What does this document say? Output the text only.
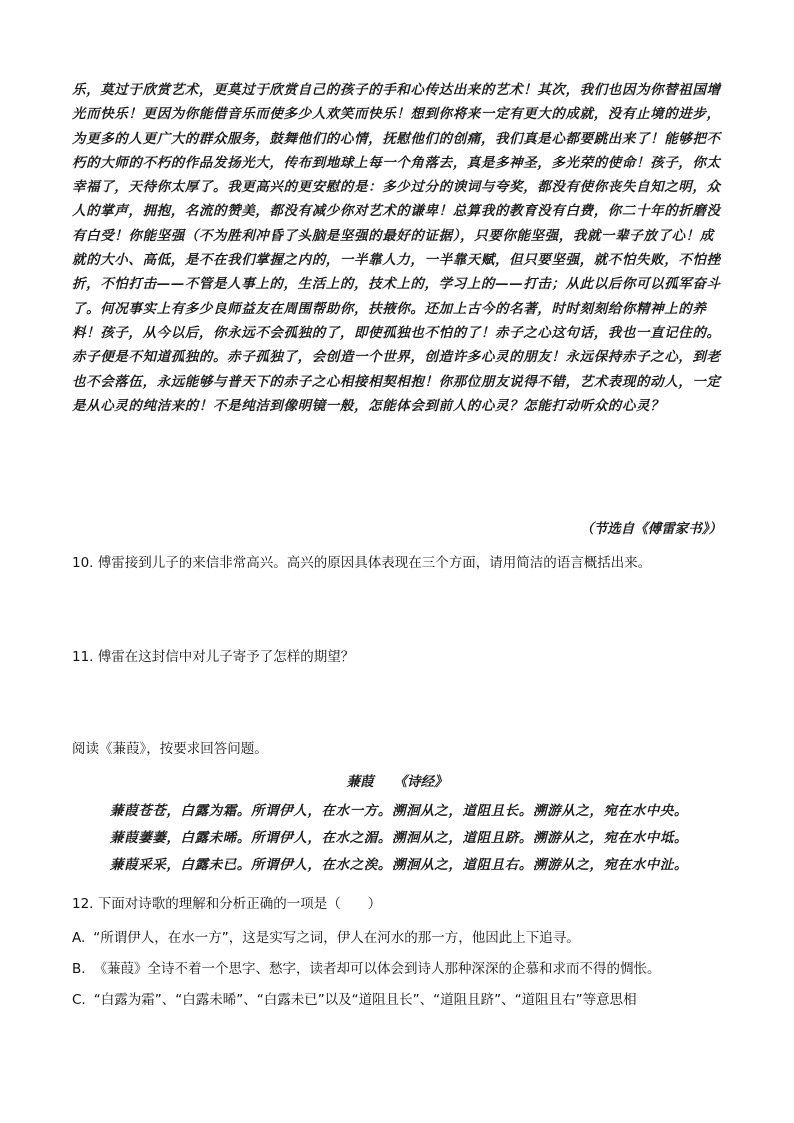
乐，莫过于欣赏艺术，更莫过于欣赏自己的孩子的手和心传达出来的艺术！其次，我们也因为你替祖国增
光而快乐！更因为你能借音乐而使多少人欢笑而快乐！想到你将来一定有更大的成就，没有止境的进步，
为更多的人更广大的群众服务，鼓舞他们的心情，抚慰他们的创痛，我们真是心都要跳出来了！能够把不
朽的大师的不朽的作品发扬光大，传布到地球上每一个角落去，真是多神圣，多光荣的使命！孩子，你太
幸福了，天待你太厚了。我更高兴的更安慰的是：多少过分的谀词与夸奖，都没有使你丧失自知之明，众
人的掌声，拥抱，名流的赞美，都没有减少你对艺术的谦卑！总算我的教育没有白费，你二十年的折磨没
有白受！你能坚强（不为胜利冲昏了头脑是坚强的最好的证据），只要你能坚强，我就一辈子放了心！成
就的大小、高低，是不在我们掌握之内的，一半靠人力，一半靠天赋，但只要坚强，就不怕失败，不怕挫
折，不怕打击——不管是人事上的，生活上的，技术上的，学习上的——打击；从此以后你可以孤军奋斗
了。何况事实上有多少良师益友在周围帮助你，扶掖你。还加上古今的名著，时时刻刻给你精神上的养
料！孩子，从今以后，你永远不会孤独的了，即使孤独也不怕的了！赤子之心这句话，我也一直记住的。
赤子便是不知道孤独的。赤子孤独了，会创造一个世界，创造许多心灵的朋友！永远保持赤子之心，到老
也不会落伍，永远能够与普天下的赤子之心相接相契相抱！你那位朋友说得不错，艺术表现的动人，一定
是从心灵的纯洁来的！不是纯洁到像明镜一般，怎能体会到前人的心灵？怎能打动听众的心灵？
（节选自《傅雷家书》）
10. 傅雷接到儿子的来信非常高兴。高兴的原因具体表现在三个方面，请用简洁的语言概括出来。
11. 傅雷在这封信中对儿子寄予了怎样的期望？
阅读《蒹葭》，按要求回答问题。
蒹葭 《诗经》
蒹葭苍苍，白露为霜。所谓伊人，在水一方。溯洄从之，道阻且长。溯游从之，宛在水中央。
蒹葭萋萋，白露未晞。所谓伊人，在水之湄。溯洄从之，道阻且跻。溯游从之，宛在水中坻。
蒹葭采采，白露未已。所谓伊人，在水之涘。溯洄从之，道阻且右。溯游从之，宛在水中沚。
12. 下面对诗歌的理解和分析正确的一项是（　　）
A. “所谓伊人，在水一方”，这是实写之词，伊人在河水的那一方，他因此上下追寻。
B. 《蒹葭》全诗不着一个思字、愁字，读者却可以体会到诗人那种深深的企慕和求而不得的惆怅。
C. “白露为霜”、“白露未晞”、“白露未已”以及“道阻且长”、“道阻且跻”、“道阻且右”等意思相
